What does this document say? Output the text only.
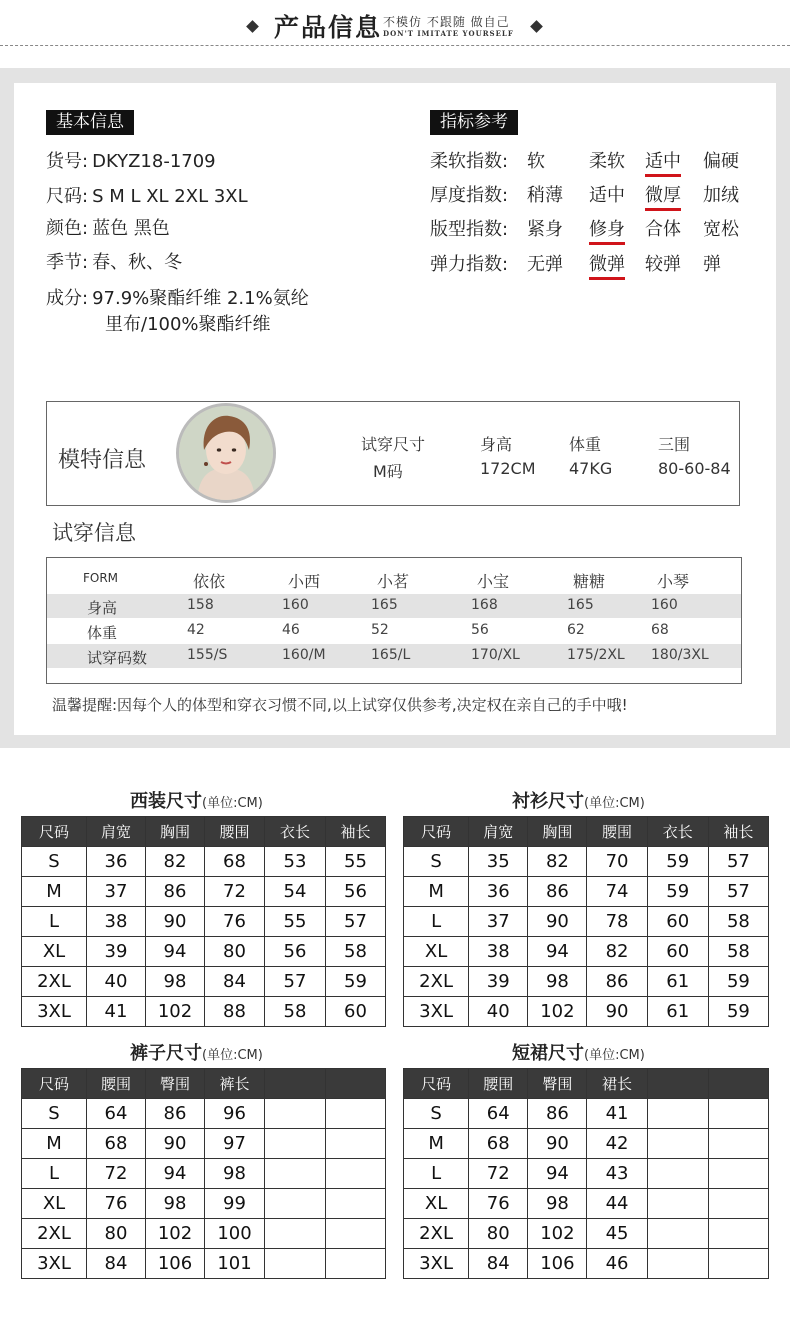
产品信息 不模仿 不跟随 做自己
DON'T IMITATE YOURSELF
基本信息
货号: DKYZ18-1709
尺码: S M L XL 2XL 3XL
颜色: 蓝色 黑色
季节: 春、秋、冬
成分: 97.9%聚酯纤维 2.1%氨纶
里布/100%聚酯纤维
指标参考
柔软指数: 软 柔软 适中 偏硬
厚度指数: 稍薄 适中 微厚 加绒
版型指数: 紧身 修身 合体 宽松
弹力指数: 无弹 微弹 较弹 弹
模特信息
试穿尺寸
M码
身高
172CM
体重
47KG
三围
80-60-84
试穿信息
FORM	依依	小西	小茗	小宝	糖糖	小琴
身高	158	160	165	168	165	160
体重	42	46	52	56	62	68
试穿码数	155/S	160/M	165/L	170/XL	175/2XL 180/3XL
温馨提醒:因每个人的体型和穿衣习惯不同,以上试穿仅供参考,决定权在亲自己的手中哦!
西装尺寸(单位:CM)	衬衫尺寸(单位:CM)
裤子尺寸(单位:CM)	短裙尺寸(单位:CM)
尺码	肩宽	胸围	腰围	衣长	袖长
S	36	82	68	53	55
M	37	86	72	54	56
L	38	90	76	55	57
XL	39	94	80	56	58
2XL	40	98	84	57	59
3XL	41	102	88	58	60
尺码	肩宽	胸围	腰围	衣长	袖长
S	35	82	70	59	57
M	36	86	74	59	57
L	37	90	78	60	58
XL	38	94	82	60	58
2XL	39	98	86	61	59
3XL	40	102	90	61	59
尺码	腰围	臀围	裤长		
S	64	86	96		
M	68	90	97		
L	72	94	98		
XL	76	98	99		
2XL	80	102	100		
3XL	84	106	101		
尺码	腰围	臀围	裙长		
S	64	86	41		
M	68	90	42		
L	72	94	43		
XL	76	98	44		
2XL	80	102	45		
3XL	84	106	46		
